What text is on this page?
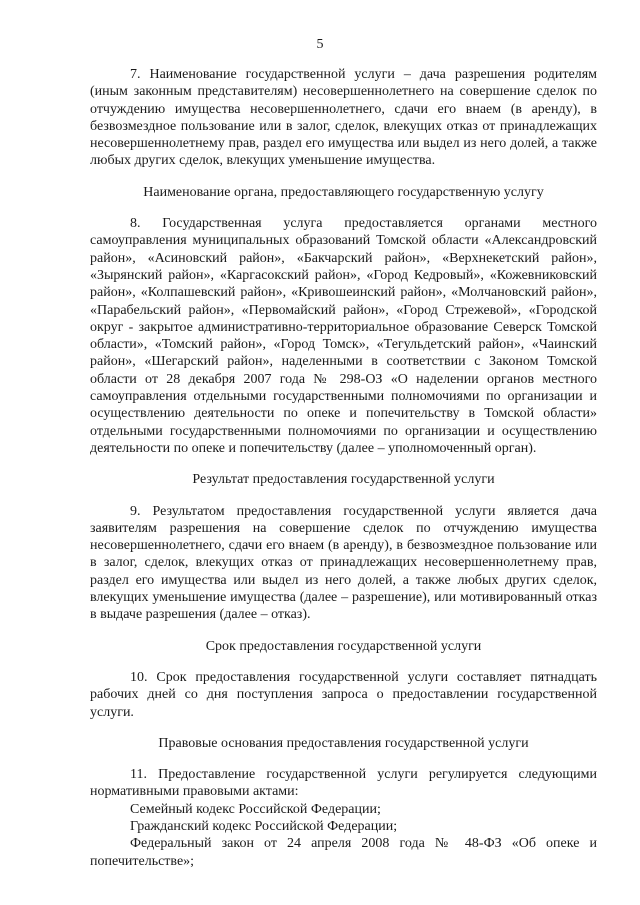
5

7. Наименование государственной услуги – дача разрешения родителям (иным законным представителям) несовершеннолетнего на совершение сделок по отчуждению имущества несовершеннолетнего, сдачи его внаем (в аренду), в безвозмездное пользование или в залог, сделок, влекущих отказ от принадлежащих несовершеннолетнему прав, раздел его имущества или выдел из него долей, а также любых других сделок, влекущих уменьшение имущества.

Наименование органа, предоставляющего государственную услугу

8. Государственная услуга предоставляется органами местного самоуправления муниципальных образований Томской области «Александровский район», «Асиновский район», «Бакчарский район», «Верхнекетский район», «Зырянский район», «Каргасокский район», «Город Кедровый», «Кожевниковский район», «Колпашевский район», «Кривошеинский район», «Молчановский район», «Парабельский район», «Первомайский район», «Город Стрежевой», «Городской округ - закрытое административно-территориальное образование Северск Томской области», «Томский район», «Город Томск», «Тегульдетский район», «Чаинский район», «Шегарский район», наделенными в соответствии с Законом Томской области от 28 декабря 2007 года № 298-ОЗ «О наделении органов местного самоуправления отдельными государственными полномочиями по организации и осуществлению деятельности по опеке и попечительству в Томской области» отдельными государственными полномочиями по организации и осуществлению деятельности по опеке и попечительству (далее – уполномоченный орган).

Результат предоставления государственной услуги

9. Результатом предоставления государственной услуги является дача заявителям разрешения на совершение сделок по отчуждению имущества несовершеннолетнего, сдачи его внаем (в аренду), в безвозмездное пользование или в залог, сделок, влекущих отказ от принадлежащих несовершеннолетнему прав, раздел его имущества или выдел из него долей, а также любых других сделок, влекущих уменьшение имущества (далее – разрешение), или мотивированный отказ в выдаче разрешения (далее – отказ).

Срок предоставления государственной услуги

10. Срок предоставления государственной услуги составляет пятнадцать рабочих дней со дня поступления запроса о предоставлении государственной услуги.

Правовые основания предоставления государственной услуги

11. Предоставление государственной услуги регулируется следующими нормативными правовыми актами:

Семейный кодекс Российской Федерации;

Гражданский кодекс Российской Федерации;

Федеральный закон от 24 апреля 2008 года № 48-ФЗ «Об опеке и попечительстве»;
